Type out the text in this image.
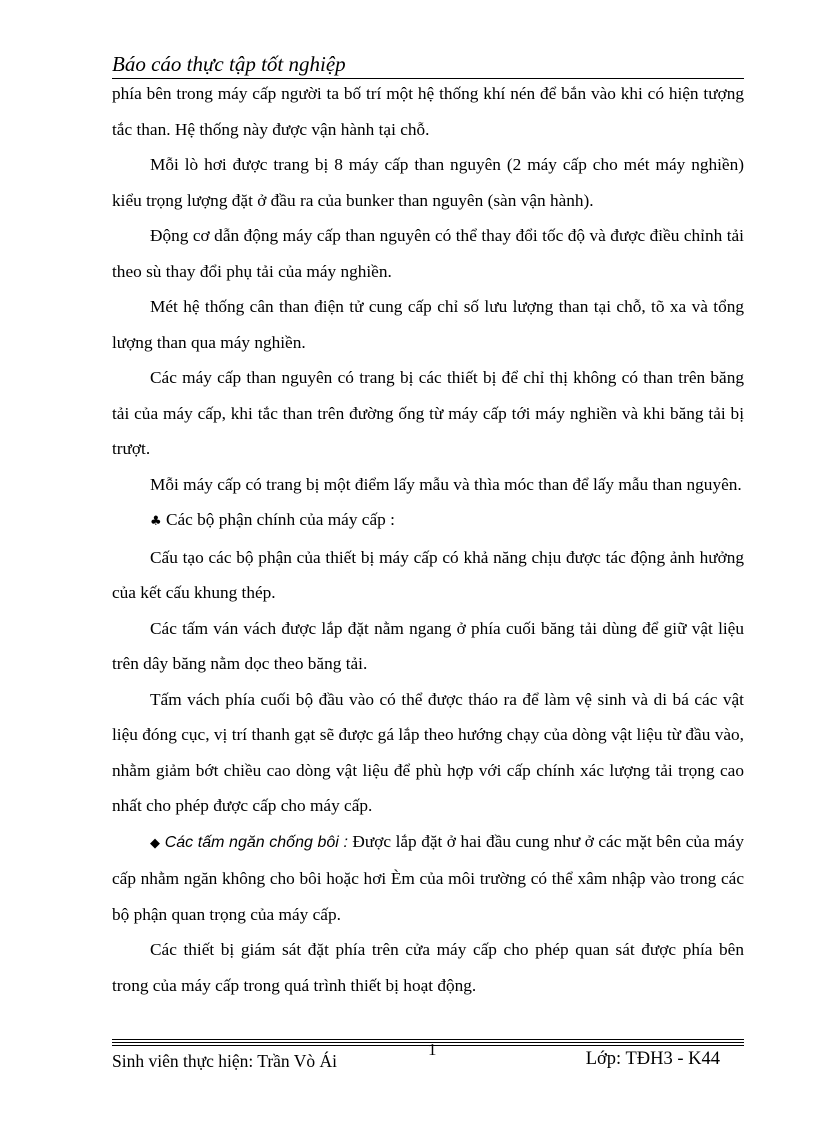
Báo cáo thực tập tốt nghiệp

phía bên trong máy cấp người ta bố trí một hệ thống khí nén để bắn vào khi có hiện tượng tắc than. Hệ thống này được vận hành tại chỗ.

Mỗi lò hơi được trang bị 8 máy cấp than nguyên (2 máy cấp cho mét máy nghiền) kiểu trọng lượng đặt ở đầu ra của bunker than nguyên (sàn vận hành).

Động cơ dẫn động máy cấp than nguyên có thể thay đổi tốc độ và được điều chỉnh tải theo sù thay đổi phụ tải của máy nghiền.

Mét hệ thống cân than điện tử cung cấp chỉ số lưu lượng than tại chỗ, tõ xa và tổng lượng than qua máy nghiền.

Các máy cấp than nguyên có trang bị các thiết bị để chỉ thị không có than trên băng tải của máy cấp, khi tắc than trên đường ống từ máy cấp tới máy nghiền và khi băng tải bị trượt.

Mỗi máy cấp có trang bị một điểm lấy mẫu và thìa móc than để lấy mẫu than nguyên.

♣ Các bộ phận chính của máy cấp :

Cấu tạo các bộ phận của thiết bị máy cấp có khả năng chịu được tác động ảnh hưởng của kết cấu khung thép.

Các tấm ván vách được lắp đặt nằm ngang ở phía cuối băng tải dùng để giữ vật liệu trên dây băng nằm dọc theo băng tải.

Tấm vách phía cuối bộ đầu vào có thể được tháo ra để làm vệ sinh và di bá các vật liệu đóng cục, vị trí thanh gạt sẽ được gá lắp theo hướng chạy của dòng vật liệu từ đầu vào, nhằm giảm bớt chiều cao dòng vật liệu để phù hợp với cấp chính xác lượng tải trọng cao nhất cho phép được cấp cho máy cấp.

◆ Các tấm ngăn chống bôi : Được lắp đặt ở hai đầu cung như ở các mặt bên của máy cấp nhằm ngăn không cho bôi hoặc hơi Èm của môi trường có thể xâm nhập vào trong các bộ phận quan trọng của máy cấp.

Các thiết bị giám sát đặt phía trên cửa máy cấp cho phép quan sát được phía bên trong của máy cấp trong quá trình thiết bị hoạt động.

Sinh viên thực hiện: Trần Vò Ái
1	Lớp: TĐH3 - K44
